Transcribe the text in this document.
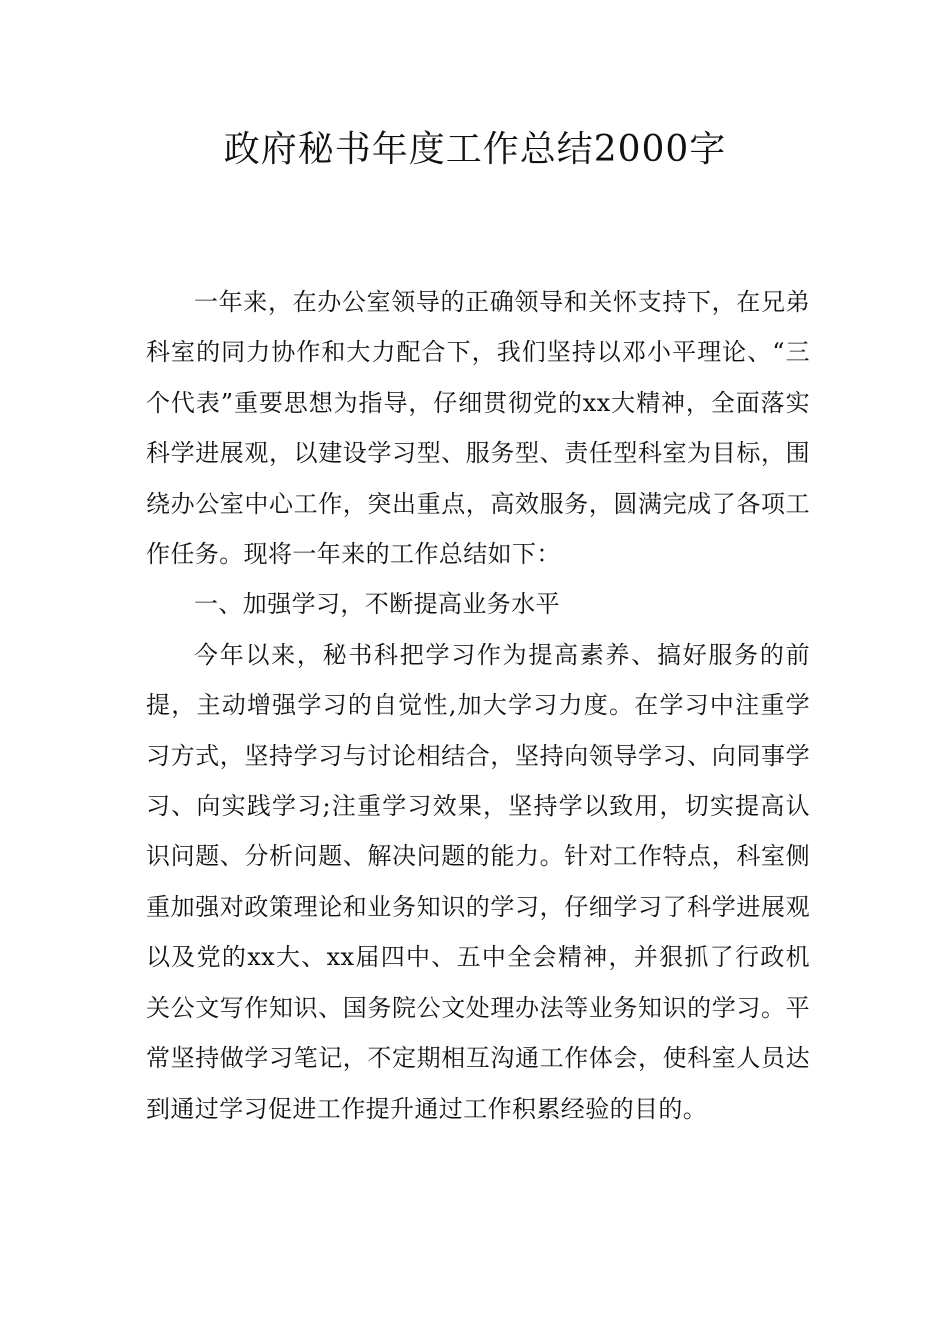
政府秘书年度工作总结2000字

一年来，在办公室领导的正确领导和关怀支持下，在兄弟科室的同力协作和大力配合下，我们坚持以邓小平理论、“三个代表”重要思想为指导，仔细贯彻党的xx大精神，全面落实科学进展观，以建设学习型、服务型、责任型科室为目标，围绕办公室中心工作，突出重点，高效服务，圆满完成了各项工作任务。现将一年来的工作总结如下：

一、加强学习，不断提高业务水平

今年以来，秘书科把学习作为提高素养、搞好服务的前提，主动增强学习的自觉性,加大学习力度。在学习中注重学习方式，坚持学习与讨论相结合，坚持向领导学习、向同事学习、向实践学习;注重学习效果，坚持学以致用，切实提高认识问题、分析问题、解决问题的能力。针对工作特点，科室侧重加强对政策理论和业务知识的学习，仔细学习了科学进展观以及党的xx大、xx届四中、五中全会精神，并狠抓了行政机关公文写作知识、国务院公文处理办法等业务知识的学习。平常坚持做学习笔记，不定期相互沟通工作体会，使科室人员达到通过学习促进工作提升通过工作积累经验的目的。
